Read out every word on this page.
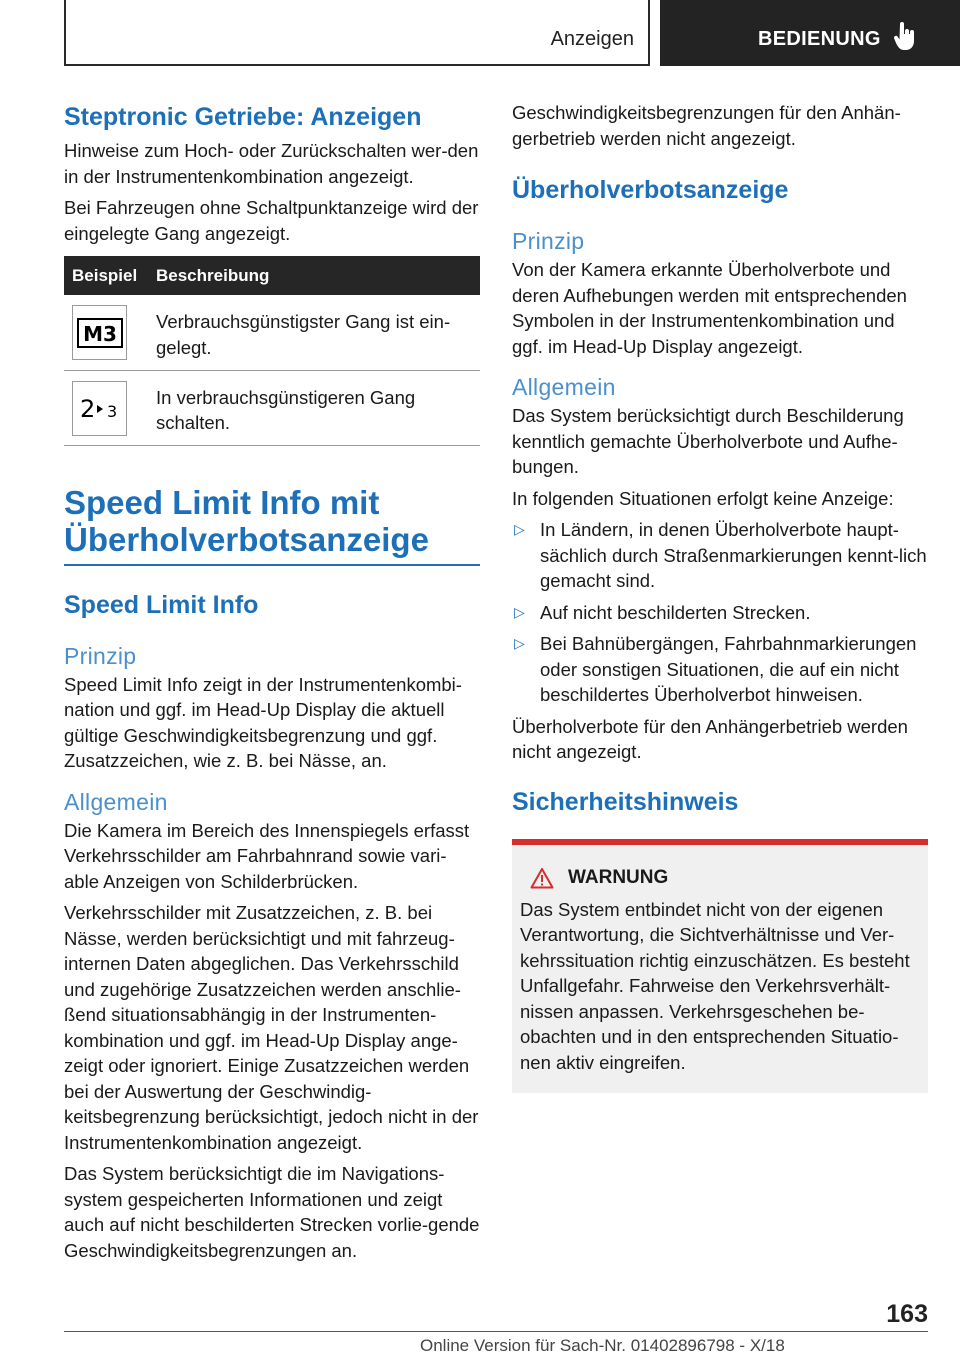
Anzeigen	BEDIENUNG
Steptronic Getriebe: Anzeigen

Hinweise zum Hoch- oder Zurückschalten wer-den in der Instrumentenkombination angezeigt.

Bei Fahrzeugen ohne Schaltpunktanzeige wird der eingelegte Gang angezeigt.

Beispiel	Beschreibung

M3	Verbrauchsgünstigster Gang ist ein-gelegt.

2 3	In verbrauchsgünstigeren Gang schalten.
Speed Limit Info mit
Überholverbotsanzeige
Speed Limit Info
Prinzip

Speed Limit Info zeigt in der Instrumentenkombi-nation und ggf. im Head-Up Display die aktuell gültige Geschwindigkeitsbegrenzung und ggf. Zusatzzeichen, wie z. B. bei Nässe, an.

Allgemein

Die Kamera im Bereich des Innenspiegels erfasst Verkehrsschilder am Fahrbahnrand sowie vari-able Anzeigen von Schilderbrücken.

Verkehrsschilder mit Zusatzzeichen, z. B. bei Nässe, werden berücksichtigt und mit fahrzeug-internen Daten abgeglichen. Das Verkehrsschild und zugehörige Zusatzzeichen werden anschlie-ßend situationsabhängig in der Instrumenten-kombination und ggf. im Head-Up Display ange-zeigt oder ignoriert. Einige Zusatzzeichen werden bei der Auswertung der Geschwindig-keitsbegrenzung berücksichtigt, jedoch nicht in der Instrumentenkombination angezeigt.

Das System berücksichtigt die im Navigations-system gespeicherten Informationen und zeigt auch auf nicht beschilderten Strecken vorlie-gende Geschwindigkeitsbegrenzungen an.

Geschwindigkeitsbegrenzungen für den Anhän-gerbetrieb werden nicht angezeigt.

Überholverbotsanzeige
Prinzip

Von der Kamera erkannte Überholverbote und deren Aufhebungen werden mit entsprechenden Symbolen in der Instrumentenkombination und ggf. im Head-Up Display angezeigt.

Allgemein

Das System berücksichtigt durch Beschilderung kenntlich gemachte Überholverbote und Aufhe-bungen.

In folgenden Situationen erfolgt keine Anzeige:

▷ In Ländern, in denen Überholverbote haupt-sächlich durch Straßenmarkierungen kennt-lich gemacht sind.
▷ Auf nicht beschilderten Strecken.
▷ Bei Bahnübergängen, Fahrbahnmarkierungen oder sonstigen Situationen, die auf ein nicht beschildertes Überholverbot hinweisen.

Überholverbote für den Anhängerbetrieb werden nicht angezeigt.

Sicherheitshinweis
WARNUNG

Das System entbindet nicht von der eigenen Verantwortung, die Sichtverhältnisse und Ver-kehrssituation richtig einzuschätzen. Es besteht Unfallgefahr. Fahrweise den Verkehrsverhält-nissen anpassen. Verkehrsgeschehen be-obachten und in den entsprechenden Situatio-nen aktiv eingreifen.

163
Online Version für Sach-Nr. 01402896798 - X/18
